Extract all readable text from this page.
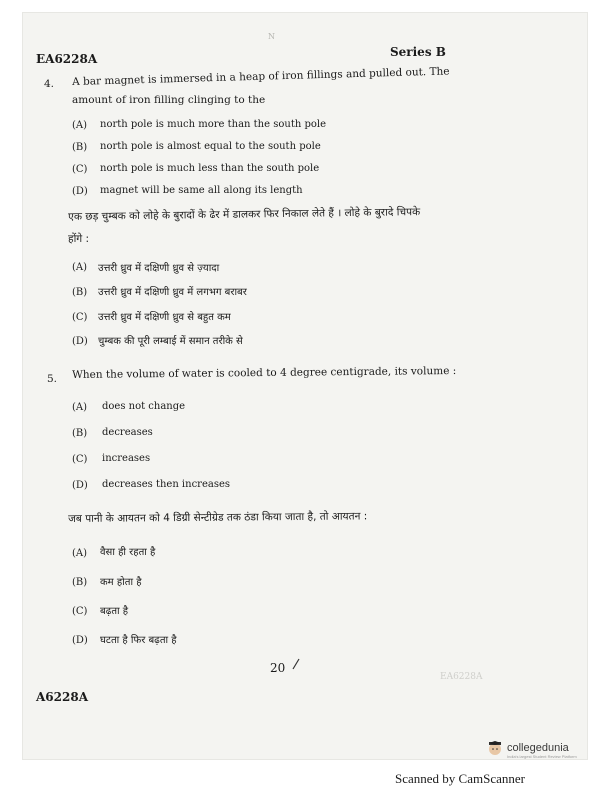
N
EA6228A	Series B
4. A bar magnet is immersed in a heap of iron fillings and pulled out. The
amount of iron filling clinging to the
(A) north pole is much more than the south pole
(B) north pole is almost equal to the south pole
(C) north pole is much less than the south pole
(D) magnet will be same all along its length
एक छड़ चुम्बक को लोहे के बुरादों के ढेर में डालकर फिर निकाल लेते हैं । लोहे के बुरादे चिपके
होंगे :
(A) उत्तरी ध्रुव में दक्षिणी ध्रुव से ज़्यादा
(B) उत्तरी ध्रुव में दक्षिणी ध्रुव में लगभग बराबर
(C) उत्तरी ध्रुव में दक्षिणी ध्रुव से बहुत कम
(D) चुम्बक की पूरी लम्बाई में समान तरीके से
5. When the volume of water is cooled to 4 degree centigrade, its volume :
(A) does not change
(B) decreases
(C) increases
(D) decreases then increases
जब पानी के आयतन को 4 डिग्री सेन्टीग्रेड तक ठंडा किया जाता है, तो आयतन :
(A) वैसा ही रहता है
(B) कम होता है
(C) बढ़ता है
(D) घटता है फिर बढ़ता है
20
EA6228A
A6228A
collegedunia
India's largest Student Review Platform
Scanned by CamScanner
